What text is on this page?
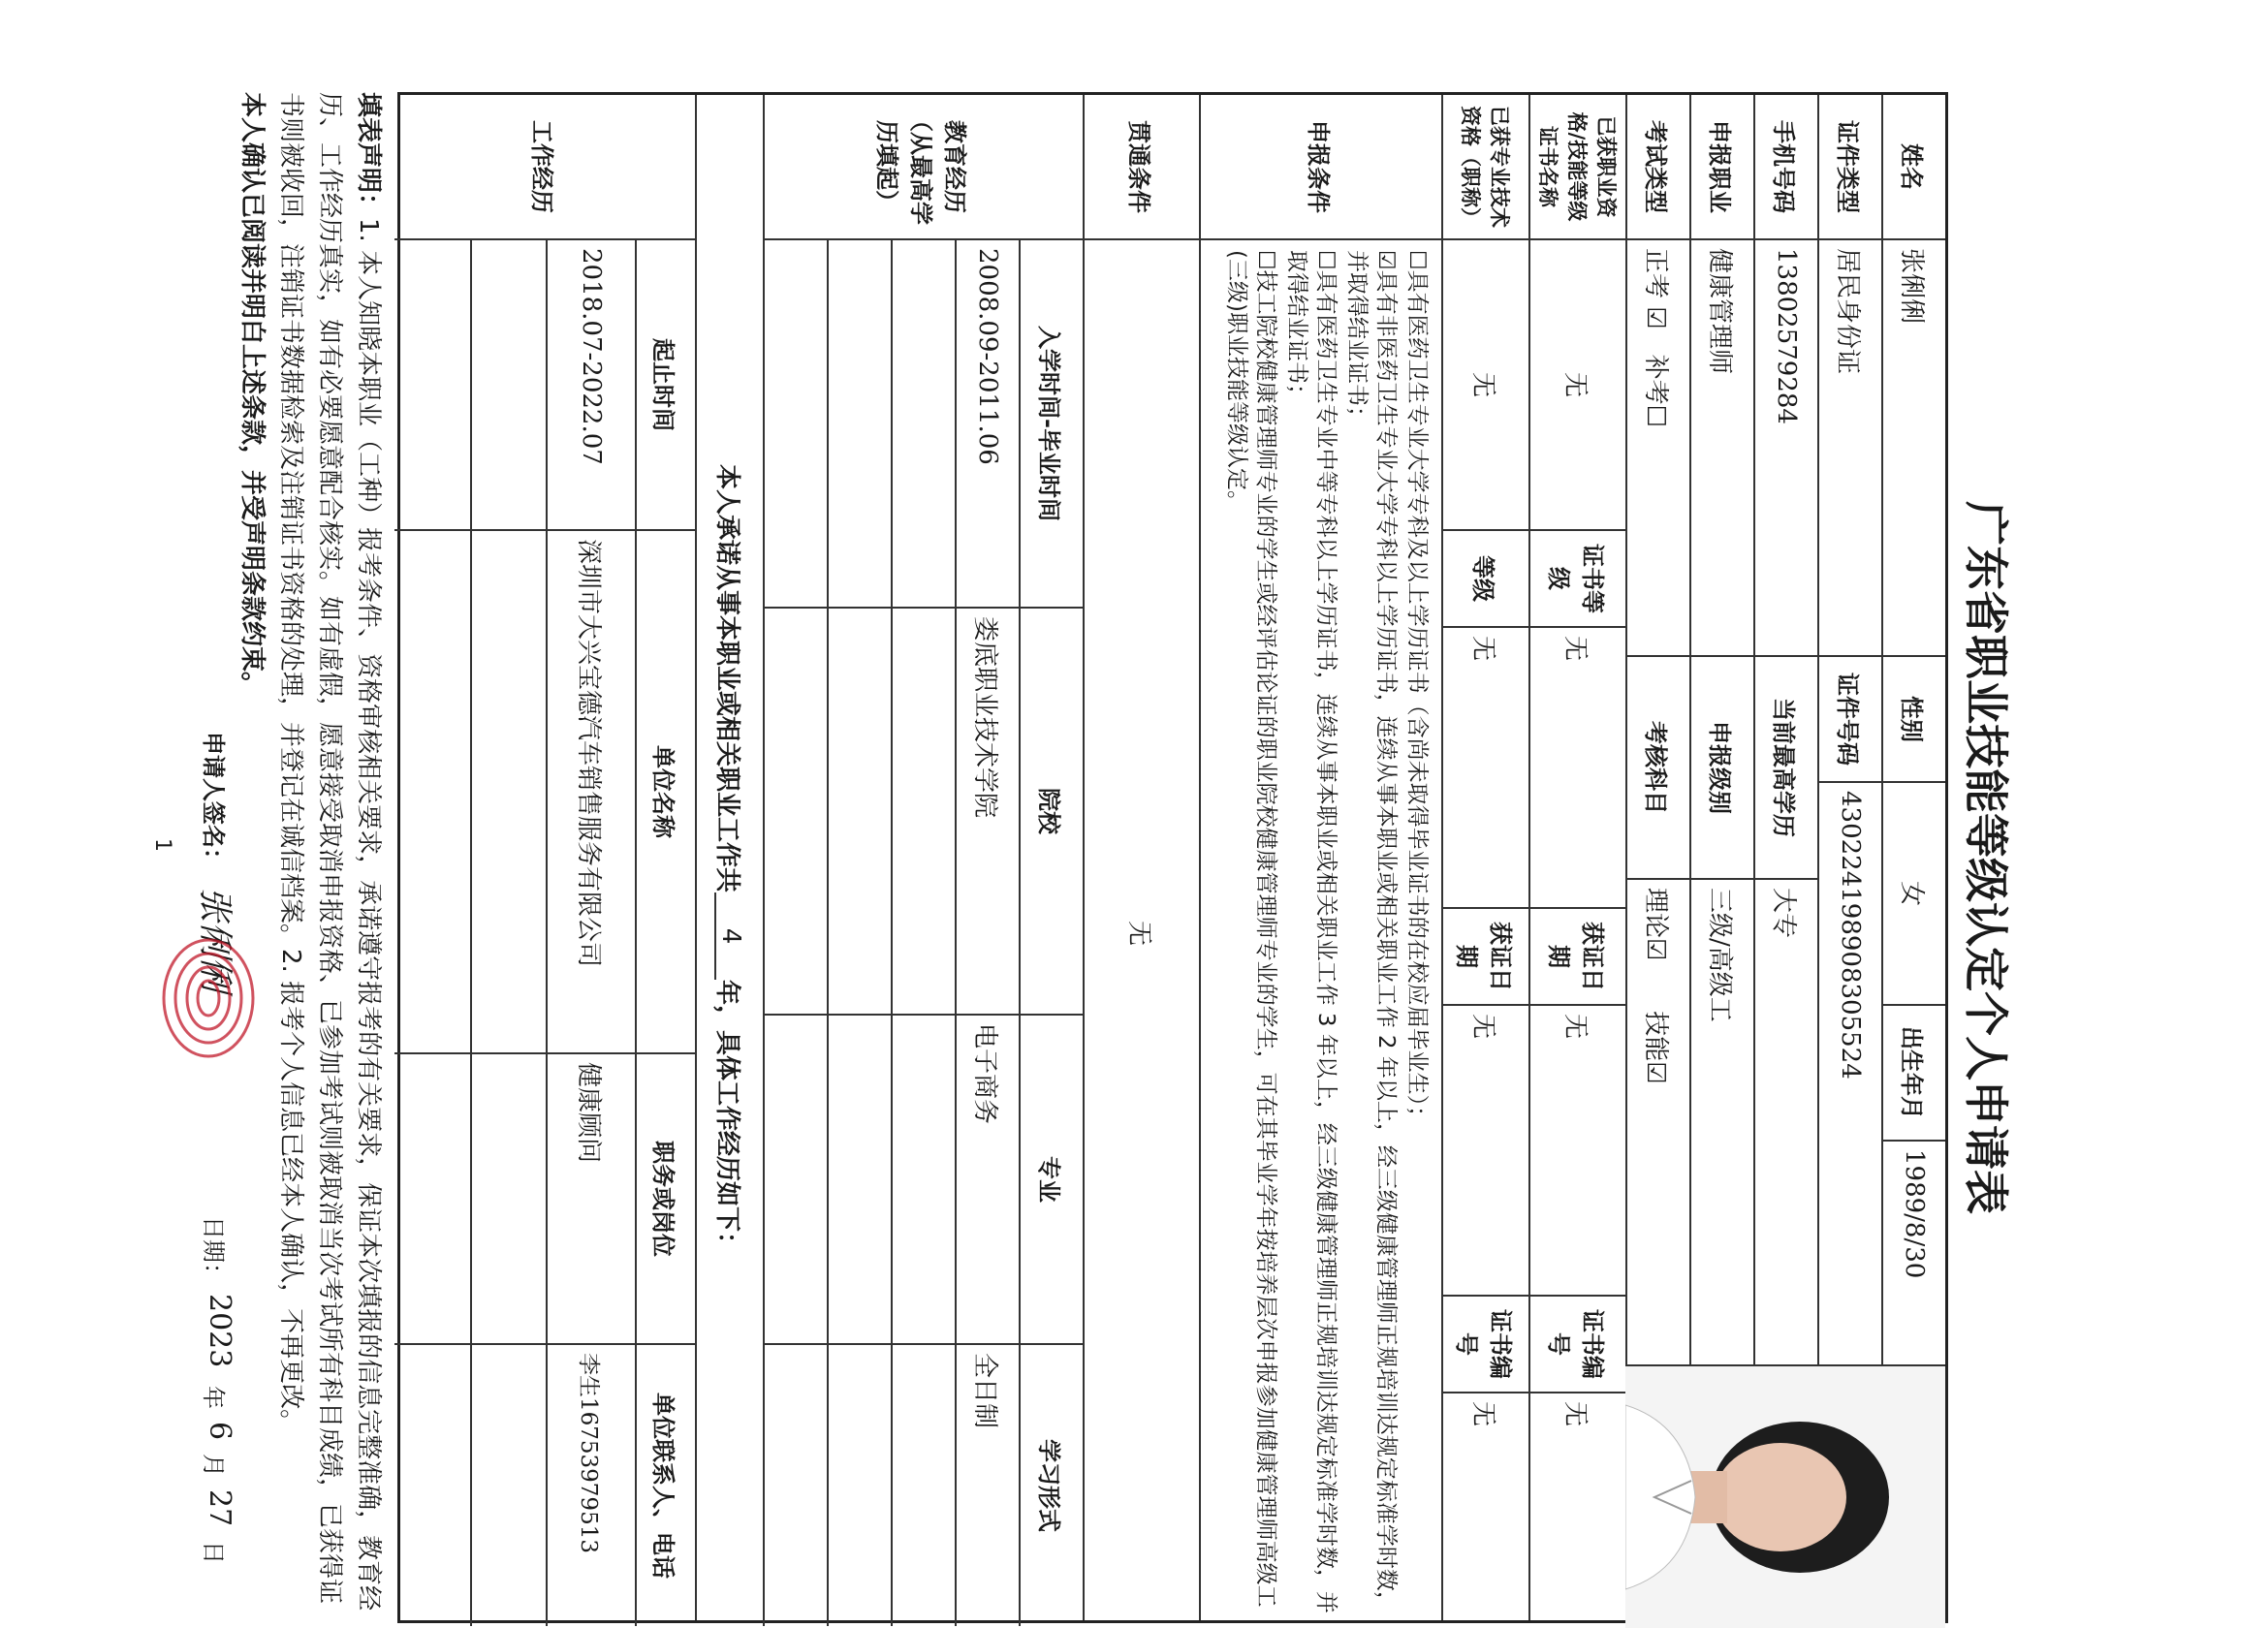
广东省职业技能等级认定个人申请表
姓名
张俐俐
性别
女
出生年月
1989/8/30
证件类型
居民身份证
证件号码
430224198908305524
手机号码
13802579284
当前最高学历
大专
申报职业
健康管理师
申报级别
三级/高级工
考试类型
正考 ☑　补考☐
考核科目
理论☑　　技能☑
已获职业资格/技能等级证书名称
无
证书等级
无
获证日期
无
证书编号
无
已获专业技术资格（职称）
无
等级
无
获证日期
无
证书编号
无
申报条件
☐具有医药卫生专业大学专科及以上学历证书（含尚未取得毕业证书的在校应届毕业生）；
☑具有非医药卫生专业大学专科以上学历证书，连续从事本职业或相关职业工作 2 年以上，经三级健康管理师正规培训达规定标准学时数，并取得结业证书；
☐具有医药卫生专业中等专科以上学历证书，连续从事本职业或相关职业工作 3 年以上，经三级健康管理师正规培训达规定标准学时数，并取得结业证书；
☐技工院校健康管理师专业的学生或经评估论证的职业院校健康管理师专业的学生，可在其毕业学年按培养层次申报参加健康管理师高级工(三级)职业技能等级认定。
贯通条件
无
入学时间-毕业时间
院校
专业
学习形式
教育经历（从最高学历填起）
2008.09-2011.06
娄底职业技术学院
电子商务
全日制
本人承诺从事本职业或相关职业工作共
4
年，具体工作经历如下：
工作经历
起止时间
单位名称
职务或岗位
单位联系人、电话
2018.07-2022.07
深圳市大兴宝德汽车销售服务有限公司
健康顾问
李生16753979513

填表声明：1. 本人知晓本职业（工种）报考条件、资格审核相关要求，承诺遵守报考的有关要求，保证本次填报的信息完整准确，教育经历、工作经历真实，如有必要愿意配合核实。如有虚假，愿意接受取消申报资格、已参加考试则被取消当次考试所有科目成绩，已获得证书则被收回，注销证书数据检索及注销证书资格的处理，并登记在诚信档案。2. 报考个人信息已经本人确认，不再更改。

本人确认已阅读并明白上述条款，并受声明条款约束。

申请人签名：
张俐俐
日期：
2023
年
6
月
27
日
1
